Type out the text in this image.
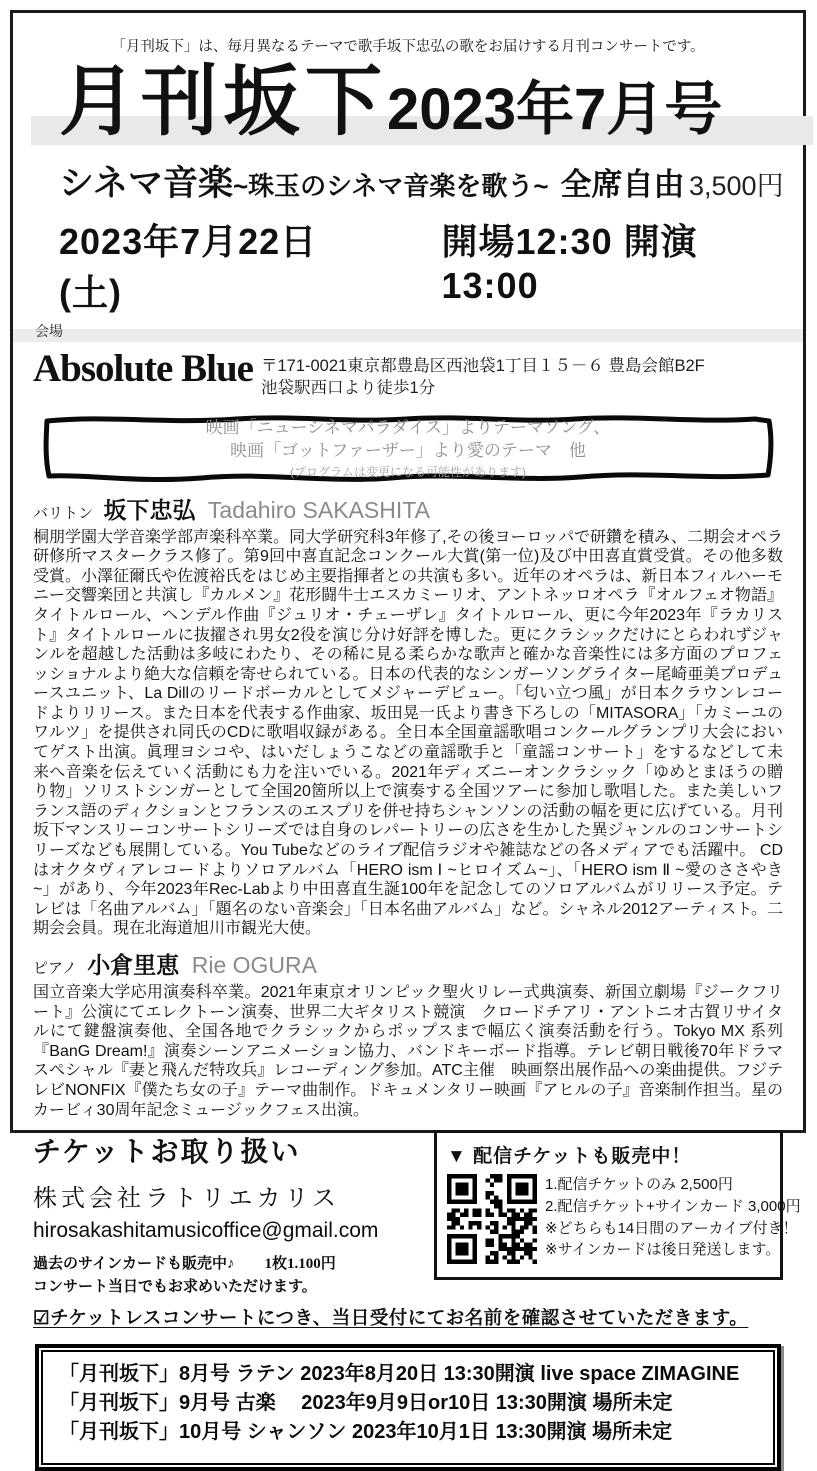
「月刊坂下」は、毎月異なるテーマで歌手坂下忠弘の歌をお届けする月刊コンサートです。
月刊坂下 2023年7月号
シネマ音楽~珠玉のシネマ音楽を歌う~ 全席自由 3,500円
2023年7月22日(土)
開場12:30 開演13:00
会場
Absolute Blue 〒171-0021東京都豊島区西池袋1丁目１５－６ 豊島会館B2F
池袋駅西口より徒歩1分
映画「ニューシネマパラダイス」よりテーマソング、
映画「ゴットファーザー」より愛のテーマ　他
(プログラムは変更になる可能性があります)
バリトン 坂下忠弘 Tadahiro SAKASHITA
桐朋学園大学音楽学部声楽科卒業。同大学研究科3年修了,その後ヨーロッパで研鑽を積み、二期会オペラ研修所マスタークラス修了。第9回中喜直記念コンクール大賞(第一位)及び中田喜直賞受賞。その他多数受賞。小澤征爾氏や佐渡裕氏をはじめ主要指揮者との共演も多い。近年のオペラは、新日本フィルハーモニー交響楽団と共演し『カルメン』花形闘牛士エスカミーリオ、アントネッロオペラ『オルフェオ物語』タイトルロール、ヘンデル作曲『ジュリオ・チェーザレ』タイトルロール、更に今年2023年『ラカリスト』タイトルロールに抜擢され男女2役を演じ分け好評を博した。更にクラシックだけにとらわれずジャンルを超越した活動は多岐にわたり、その稀に見る柔らかな歌声と確かな音楽性には多方面のプロフェッショナルより絶大な信頼を寄せられている。日本の代表的なシンガーソングライター尾崎亜美プロデュースユニット、La Dillのリードボーカルとしてメジャーデビュー。「匂い立つ風」が日本クラウンレコードよりリリース。また日本を代表する作曲家、坂田晃一氏より書き下ろしの「MITASORA」「カミーユのワルツ」を提供され同氏のCDに歌唱収録がある。全日本全国童謡歌唱コンクールグランプリ大会においてゲスト出演。眞理ヨシコや、はいだしょうこなどの童謡歌手と「童謡コンサート」をするなどして未来へ音楽を伝えていく活動にも力を注いでいる。2021年ディズニーオンクラシック「ゆめとまほうの贈り物」ソリストシンガーとして全国20箇所以上で演奏する全国ツアーに参加し歌唱した。また美しいフランス語のディクションとフランスのエスプリを併せ持ちシャンソンの活動の幅を更に広げている。月刊坂下マンスリーコンサートシリーズでは自身のレパートリーの広さを生かした異ジャンルのコンサートシリーズなども展開している。You Tubeなどのライブ配信ラジオや雑誌などの各メディアでも活躍中。 CDはオクタヴィアレコードよりソロアルバム「HERO ism Ⅰ ~ヒロイズム~」、「HERO ism Ⅱ ~愛のささやき~」があり、今年2023年Rec-Labより中田喜直生誕100年を記念してのソロアルバムがリリース予定。テレビは「名曲アルバム」「題名のない音楽会」「日本名曲アルバム」など。シャネル2012アーティスト。二期会会員。現在北海道旭川市観光大使。
ピアノ 小倉里恵 Rie OGURA
国立音楽大学応用演奏科卒業。2021年東京オリンピック聖火リレー式典演奏、新国立劇場『ジークフリート』公演にてエレクトーン演奏、世界二大ギタリスト競演　クロードチアリ・アントニオ古賀リサイタルにて鍵盤演奏他、全国各地でクラシックからポップスまで幅広く演奏活動を行う。Tokyo MX 系列『BanG Dream!』演奏シーンアニメーション協力、バンドキーボード指導。テレビ朝日戦後70年ドラマスペシャル『妻と飛んだ特攻兵』レコーディング参加。ATC主催　映画祭出展作品への楽曲提供。フジテレビNONFIX『僕たち女の子』テーマ曲制作。ドキュメンタリー映画『アヒルの子』音楽制作担当。星のカービィ30周年記念ミュージックフェス出演。
チケットお取り扱い
株式会社ラトリエカリス
hirosakashitamusicoffice@gmail.com
過去のサインカードも販売中♪　　1枚1.100円
コンサート当日でもお求めいただけます。
▼ 配信チケットも販売中！
1.配信チケットのみ 2,500円
2.配信チケット+サインカード 3,000円
※どちらも14日間のアーカイブ付き！
※サインカードは後日発送します。
☑チケットレスコンサートにつき、当日受付にてお名前を確認させていただきます。
「月刊坂下」8月号 ラテン 2023年8月20日 13:30開演 live space ZIMAGINE
「月刊坂下」9月号 古楽　 2023年9月9日or10日 13:30開演 場所未定
「月刊坂下」10月号 シャンソン 2023年10月1日 13:30開演 場所未定
